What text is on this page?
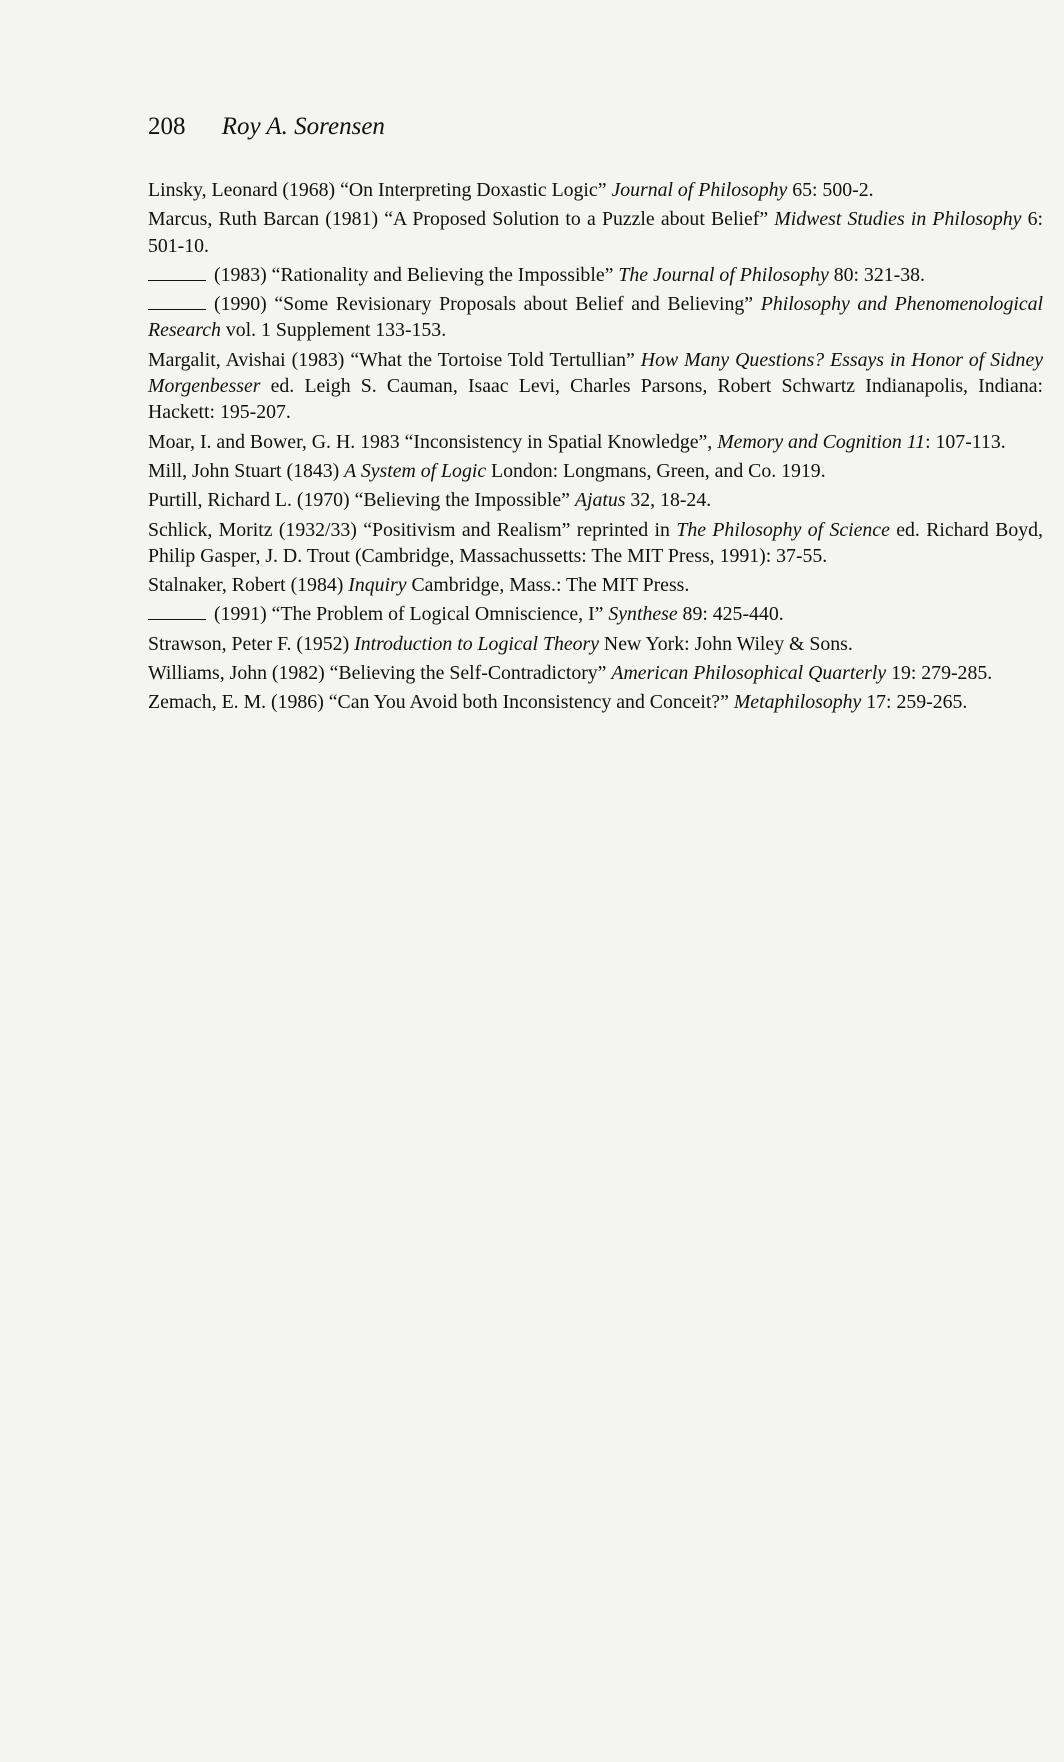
208 Roy A. Sorensen
Linsky, Leonard (1968) “On Interpreting Doxastic Logic” Journal of Philosophy 65: 500-2.
Marcus, Ruth Barcan (1981) “A Proposed Solution to a Puzzle about Belief” Midwest Studies in Philosophy 6: 501-10.
(1983) “Rationality and Believing the Impossible” The Journal of Philosophy 80: 321-38.
(1990) “Some Revisionary Proposals about Belief and Believing” Philosophy and Phenomenological Research vol. 1 Supplement 133-153.
Margalit, Avishai (1983) “What the Tortoise Told Tertullian” How Many Questions? Essays in Honor of Sidney Morgenbesser ed. Leigh S. Cauman, Isaac Levi, Charles Parsons, Robert Schwartz Indianapolis, Indiana: Hackett: 195-207.
Moar, I. and Bower, G. H. 1983 “Inconsistency in Spatial Knowledge”, Memory and Cognition 11: 107-113.
Mill, John Stuart (1843) A System of Logic London: Longmans, Green, and Co. 1919.
Purtill, Richard L. (1970) “Believing the Impossible” Ajatus 32, 18-24.
Schlick, Moritz (1932/33) “Positivism and Realism” reprinted in The Philosophy of Science ed. Richard Boyd, Philip Gasper, J. D. Trout (Cambridge, Massachussetts: The MIT Press, 1991): 37-55.
Stalnaker, Robert (1984) Inquiry Cambridge, Mass.: The MIT Press.
(1991) “The Problem of Logical Omniscience, I” Synthese 89: 425-440.
Strawson, Peter F. (1952) Introduction to Logical Theory New York: John Wiley & Sons.
Williams, John (1982) “Believing the Self-Contradictory” American Philosophical Quarterly 19: 279-285.
Zemach, E. M. (1986) “Can You Avoid both Inconsistency and Conceit?” Metaphilosophy 17: 259-265.
